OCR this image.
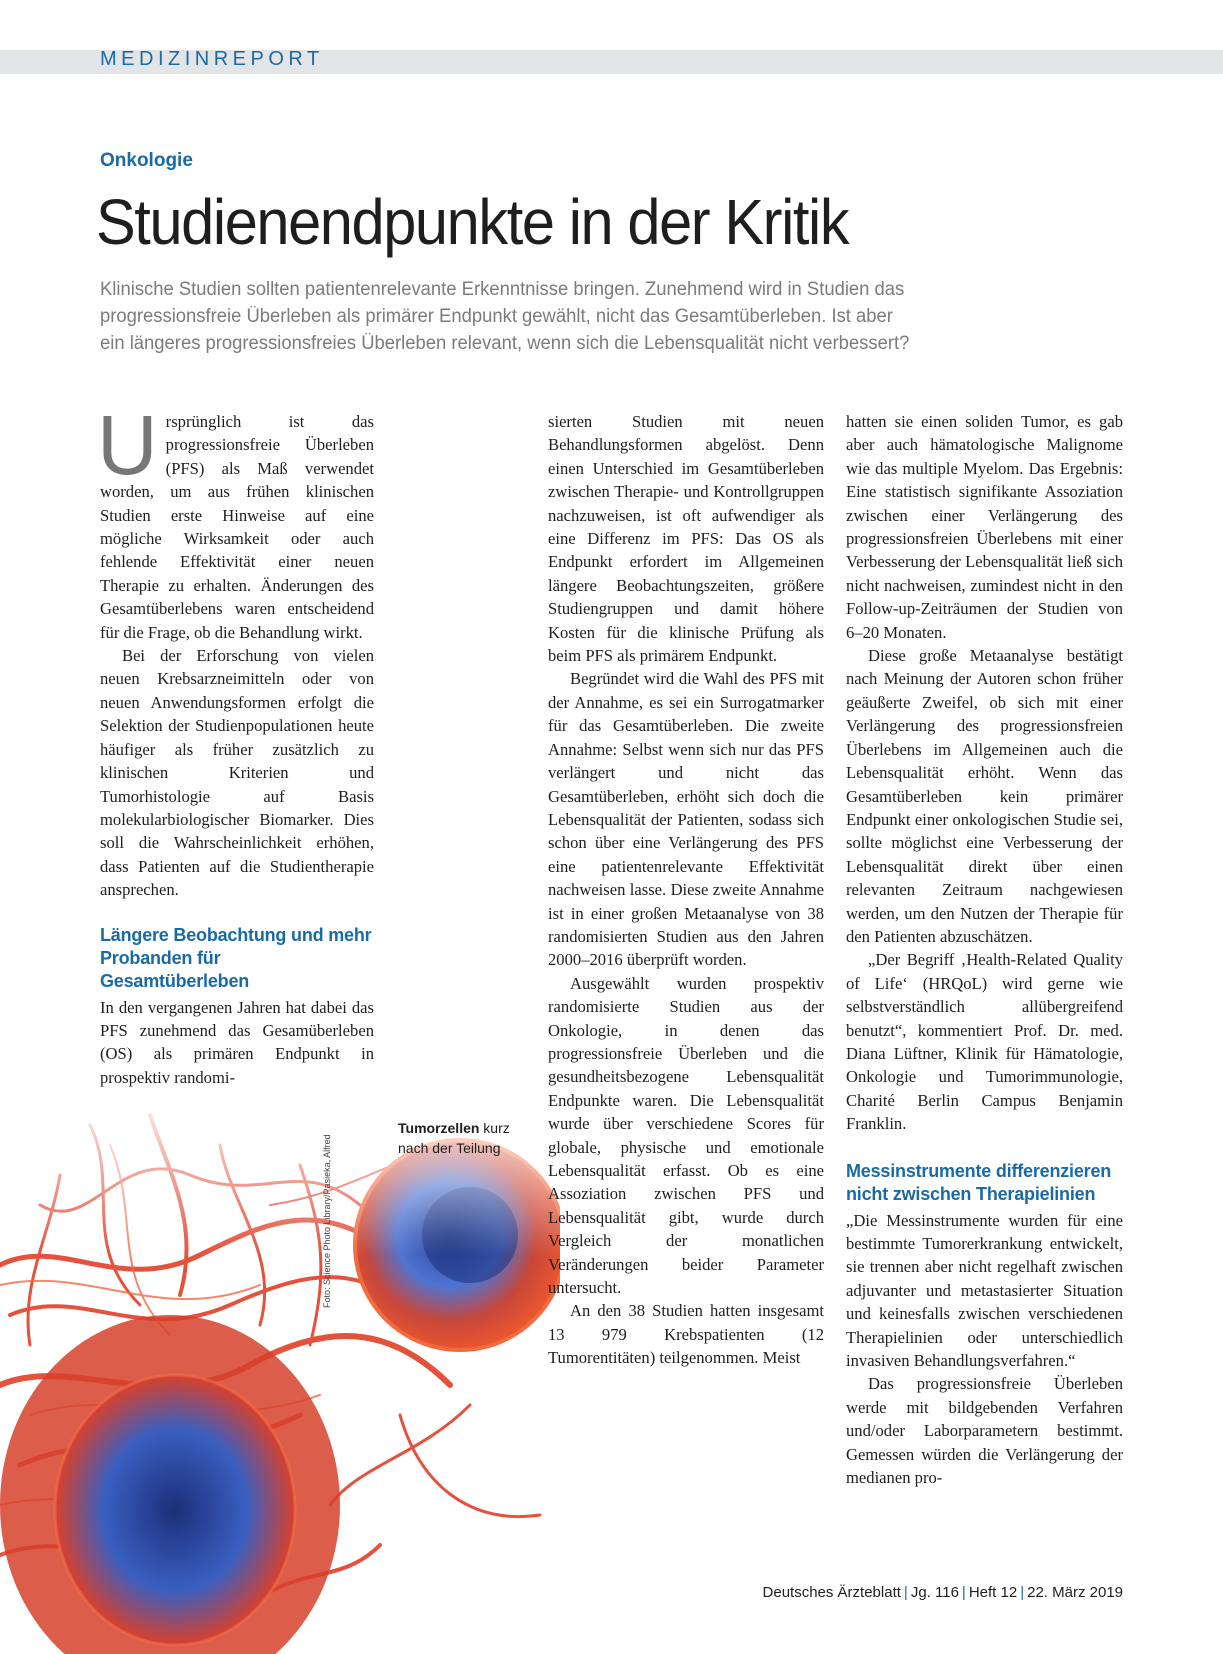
MEDIZINREPORT
Onkologie
Studienendpunkte in der Kritik
Klinische Studien sollten patientenrelevante Erkenntnisse bringen. Zunehmend wird in Studien das
progressionsfreie Überleben als primärer Endpunkt gewählt, nicht das Gesamtüberleben. Ist aber
ein längeres progressionsfreies Überleben relevant, wenn sich die Lebensqualität nicht verbessert?
Foto: Science Photo Library/Pasieka, Alfred
Tumorzellen kurz nach der Teilung

Ursprünglich ist das progressionsfreie Überleben (PFS) als Maß verwendet worden, um aus frühen klinischen Studien erste Hinweise auf eine mögliche Wirksamkeit oder auch fehlende Effektivität einer neuen Therapie zu erhalten. Änderungen des Gesamtüberlebens waren entscheidend für die Frage, ob die Behandlung wirkt.

Bei der Erforschung von vielen neuen Krebsarzneimitteln oder von neuen Anwendungsformen erfolgt die Selektion der Studienpopulationen heute häufiger als früher zusätzlich zu klinischen Kriterien und Tumorhistologie auf Basis molekularbiologischer Biomarker. Dies soll die Wahrscheinlichkeit erhöhen, dass Patienten auf die Studientherapie ansprechen.

Längere Beobachtung und mehr Probanden für Gesamtüberleben

In den vergangenen Jahren hat dabei das PFS zunehmend das Gesamüberleben (OS) als primären Endpunkt in prospektiv randomi-

sierten Studien mit neuen Behandlungsformen abgelöst. Denn einen Unterschied im Gesamtüberleben zwischen Therapie- und Kontrollgruppen nachzuweisen, ist oft aufwendiger als eine Differenz im PFS: Das OS als Endpunkt erfordert im Allgemeinen längere Beobachtungszeiten, größere Studiengruppen und damit höhere Kosten für die klinische Prüfung als beim PFS als primärem Endpunkt.

Begründet wird die Wahl des PFS mit der Annahme, es sei ein Surrogatmarker für das Gesamtüberleben. Die zweite Annahme: Selbst wenn sich nur das PFS verlängert und nicht das Gesamtüberleben, erhöht sich doch die Lebensqualität der Patienten, sodass sich schon über eine Verlängerung des PFS eine patientenrelevante Effektivität nachweisen lasse. Diese zweite Annahme ist in einer großen Metaanalyse von 38 randomisierten Studien aus den Jahren 2000–2016 überprüft worden.

Ausgewählt wurden prospektiv randomisierte Studien aus der Onkologie, in denen das progressionsfreie Überleben und die gesundheitsbezogene Lebensqualität Endpunkte waren. Die Lebensqualität wurde über verschiedene Scores für globale, physische und emotionale Lebensqualität erfasst. Ob es eine Assoziation zwischen PFS und Lebensqualität gibt, wurde durch Vergleich der monatlichen Veränderungen beider Parameter untersucht.

An den 38 Studien hatten insgesamt 13 979 Krebspatienten (12 Tumorentitäten) teilgenommen. Meist

hatten sie einen soliden Tumor, es gab aber auch hämatologische Malignome wie das multiple Myelom. Das Ergebnis: Eine statistisch signifikante Assoziation zwischen einer Verlängerung des progressionsfreien Überlebens mit einer Verbesserung der Lebensqualität ließ sich nicht nachweisen, zumindest nicht in den Follow-up-Zeiträumen der Studien von 6–20 Monaten.

Diese große Metaanalyse bestätigt nach Meinung der Autoren schon früher geäußerte Zweifel, ob sich mit einer Verlängerung des progressionsfreien Überlebens im Allgemeinen auch die Lebensqualität erhöht. Wenn das Gesamtüberleben kein primärer Endpunkt einer onkologischen Studie sei, sollte möglichst eine Verbesserung der Lebensqualität direkt über einen relevanten Zeitraum nachgewiesen werden, um den Nutzen der Therapie für den Patienten abzuschätzen.

„Der Begriff ‚Health-Related Quality of Life‘ (HRQoL) wird gerne wie selbstverständlich allübergreifend benutzt“, kommentiert Prof. Dr. med. Diana Lüftner, Klinik für Hämatologie, Onkologie und Tumorimmunologie, Charité Berlin Campus Benjamin Franklin.

Messinstrumente differenzieren nicht zwischen Therapielinien

„Die Messinstrumente wurden für eine bestimmte Tumorerkrankung entwickelt, sie trennen aber nicht regelhaft zwischen adjuvanter und metastasierter Situation und keinesfalls zwischen verschiedenen Therapielinien oder unterschiedlich invasiven Behandlungsverfahren.“

Das progressionsfreie Überleben werde mit bildgebenden Verfahren und/oder Laborparametern bestimmt. Gemessen würden die Verlängerung der medianen pro-

Deutsches Ärzteblatt | Jg. 116 | Heft 12 | 22. März 2019
